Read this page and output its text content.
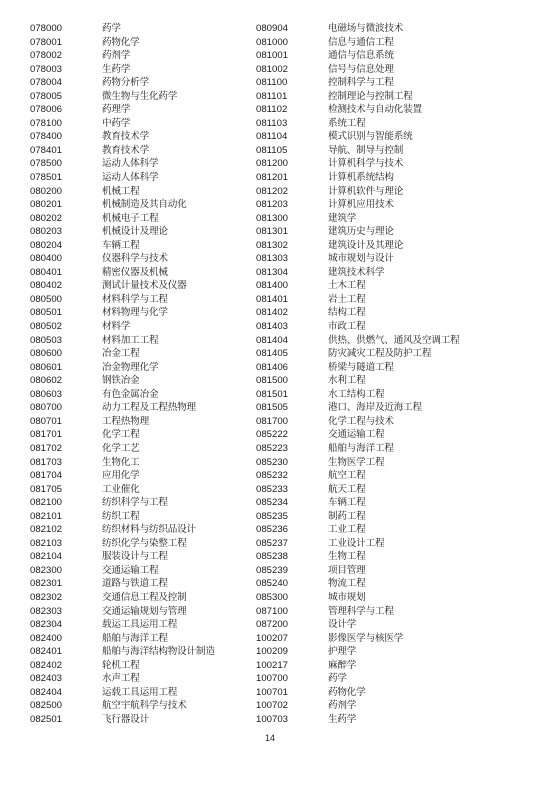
078000	药学
078001	药物化学
078002	药剂学
078003	生药学
078004	药物分析学
078005	微生物与生化药学
078006	药理学
078100	中药学
078400	教育技术学
078401	教育技术学
078500	运动人体科学
078501	运动人体科学
080200	机械工程
080201	机械制造及其自动化
080202	机械电子工程
080203	机械设计及理论
080204	车辆工程
080400	仪器科学与技术
080401	精密仪器及机械
080402	测试计量技术及仪器
080500	材料科学与工程
080501	材料物理与化学
080502	材料学
080503	材料加工工程
080600	冶金工程
080601	冶金物理化学
080602	钢铁冶金
080603	有色金属冶金
080700	动力工程及工程热物理
080701	工程热物理
081701	化学工程
081702	化学工艺
081703	生物化工
081704	应用化学
081705	工业催化
082100	纺织科学与工程
082101	纺织工程
082102	纺织材料与纺织品设计
082103	纺织化学与染整工程
082104	服装设计与工程
082300	交通运输工程
082301	道路与铁道工程
082302	交通信息工程及控制
082303	交通运输规划与管理
082304	载运工具运用工程
082400	船舶与海洋工程
082401	船舶与海洋结构物设计制造
082402	轮机工程
082403	水声工程
082404	运载工具运用工程
082500	航空宇航科学与技术
082501	飞行器设计
080904	电磁场与微波技术
081000	信息与通信工程
081001	通信与信息系统
081002	信号与信息处理
081100	控制科学与工程
081101	控制理论与控制工程
081102	检测技术与自动化装置
081103	系统工程
081104	模式识别与智能系统
081105	导航、制导与控制
081200	计算机科学与技术
081201	计算机系统结构
081202	计算机软件与理论
081203	计算机应用技术
081300	建筑学
081301	建筑历史与理论
081302	建筑设计及其理论
081303	城市规划与设计
081304	建筑技术科学
081400	土木工程
081401	岩土工程
081402	结构工程
081403	市政工程
081404	供热、供燃气、通风及空调工程
081405	防灾减灾工程及防护工程
081406	桥梁与隧道工程
081500	水利工程
081501	水工结构工程
081505	港口、海岸及近海工程
081700	化学工程与技术
085222	交通运输工程
085223	船舶与海洋工程
085230	生物医学工程
085232	航空工程
085233	航天工程
085234	车辆工程
085235	制药工程
085236	工业工程
085237	工业设计工程
085238	生物工程
085239	项目管理
085240	物流工程
085300	城市规划
087100	管理科学与工程
087200	设计学
100207	影像医学与核医学
100209	护理学
100217	麻醉学
100700	药学
100701	药物化学
100702	药剂学
100703	生药学
14
